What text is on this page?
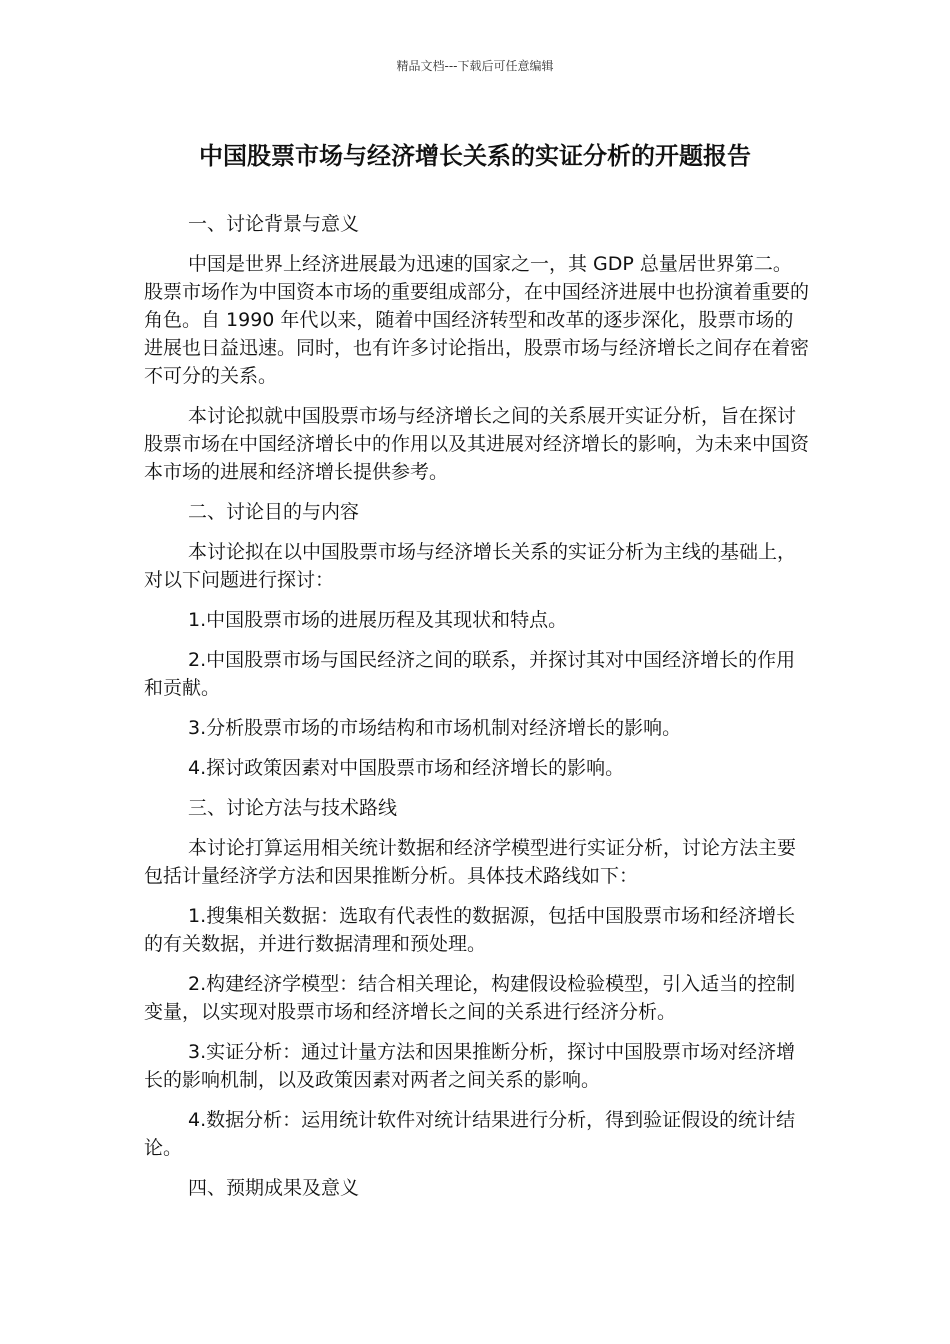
精品文档---下载后可任意编辑
中国股票市场与经济增长关系的实证分析的开题报告

一、讨论背景与意义

中国是世界上经济进展最为迅速的国家之一，其 GDP 总量居世界第二。股票市场作为中国资本市场的重要组成部分，在中国经济进展中也扮演着重要的角色。自 1990 年代以来，随着中国经济转型和改革的逐步深化，股票市场的进展也日益迅速。同时，也有许多讨论指出，股票市场与经济增长之间存在着密不可分的关系。

本讨论拟就中国股票市场与经济增长之间的关系展开实证分析，旨在探讨股票市场在中国经济增长中的作用以及其进展对经济增长的影响，为未来中国资本市场的进展和经济增长提供参考。

二、讨论目的与内容

本讨论拟在以中国股票市场与经济增长关系的实证分析为主线的基础上，对以下问题进行探讨：

1.中国股票市场的进展历程及其现状和特点。

2.中国股票市场与国民经济之间的联系，并探讨其对中国经济增长的作用和贡献。

3.分析股票市场的市场结构和市场机制对经济增长的影响。

4.探讨政策因素对中国股票市场和经济增长的影响。

三、讨论方法与技术路线

本讨论打算运用相关统计数据和经济学模型进行实证分析，讨论方法主要包括计量经济学方法和因果推断分析。具体技术路线如下：

1.搜集相关数据：选取有代表性的数据源，包括中国股票市场和经济增长的有关数据，并进行数据清理和预处理。

2.构建经济学模型：结合相关理论，构建假设检验模型，引入适当的控制变量，以实现对股票市场和经济增长之间的关系进行经济分析。

3.实证分析：通过计量方法和因果推断分析，探讨中国股票市场对经济增长的影响机制，以及政策因素对两者之间关系的影响。

4.数据分析：运用统计软件对统计结果进行分析，得到验证假设的统计结论。

四、预期成果及意义
